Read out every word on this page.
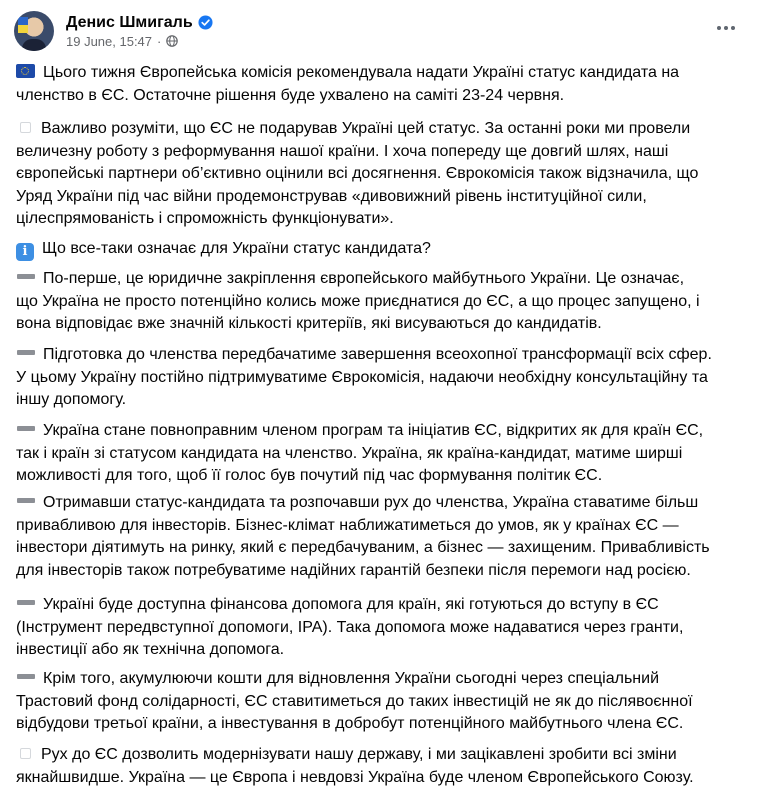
Денис Шмигаль
19 June, 15:47 ·

Цього тижня Європейська комісія рекомендувала надати Україні статус кандидата на
членство в ЄС. Остаточне рішення буде ухвалено на саміті 23-24 червня.

Важливо розуміти, що ЄС не подарував Україні цей статус. За останні роки ми провели
величезну роботу з реформування нашої країни. І хоча попереду ще довгий шлях, наші
європейські партнери об’єктивно оцінили всі досягнення. Єврокомісія також відзначила, що
Уряд України під час війни продемонстрував «дивовижний рівень інституційної сили,
цілеспрямованість і спроможність функціонувати».

i Що все-таки означає для України статус кандидата?

По-перше, це юридичне закріплення європейського майбутнього України. Це означає,
що Україна не просто потенційно колись може приєднатися до ЄС, а що процес запущено, і
вона відповідає вже значній кількості критеріїв, які висуваються до кандидатів.

Підготовка до членства передбачатиме завершення всеохопної трансформації всіх сфер.
У цьому Україну постійно підтримуватиме Єврокомісія, надаючи необхідну консультаційну та
іншу допомогу.

Україна стане повноправним членом програм та ініціатив ЄС, відкритих як для країн ЄС,
так і країн зі статусом кандидата на членство. Україна, як країна-кандидат, матиме ширші
можливості для того, щоб її голос був почутий під час формування політик ЄС.

Отримавши статус-кандидата та розпочавши рух до членства, Україна ставатиме більш
привабливою для інвесторів. Бізнес-клімат наближатиметься до умов, як у країнах ЄС —
інвестори діятимуть на ринку, який є передбачуваним, а бізнес — захищеним. Привабливість
для інвесторів також потребуватиме надійних гарантій безпеки після перемоги над росією.

Україні буде доступна фінансова допомога для країн, які готуються до вступу в ЄС
(Інструмент передвступної допомоги, IPA). Така допомога може надаватися через гранти,
інвестиції або як технічна допомога.

Крім того, акумулюючи кошти для відновлення України сьогодні через спеціальний
Трастовий фонд солідарності, ЄС ставитиметься до таких інвестицій не як до післявоєнної
відбудови третьої країни, а інвестування в добробут потенційного майбутнього члена ЄС.

Рух до ЄС дозволить модернізувати нашу державу, і ми зацікавлені зробити всі зміни
якнайшвидше. Україна — це Європа і невдовзі Україна буде членом Європейського Союзу.
